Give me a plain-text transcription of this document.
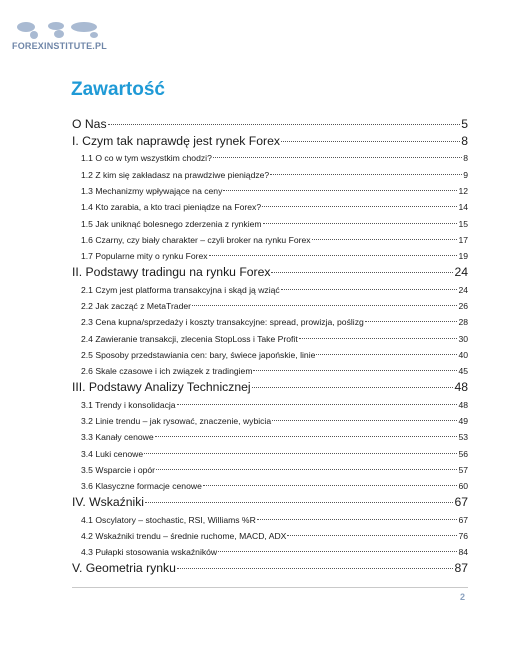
FOREXINSTITUTE.PL
Zawartość
O Nas	5
I. Czym tak naprawdę jest rynek Forex	8
1.1 O co w tym wszystkim chodzi?	8
1.2 Z kim się zakładasz na prawdziwe pieniądze?	9
1.3 Mechanizmy wpływające na ceny	12
1.4 Kto zarabia, a kto traci pieniądze na Forex?	14
1.5 Jak uniknąć bolesnego zderzenia z rynkiem	15
1.6 Czarny, czy biały charakter – czyli broker na rynku Forex	17
1.7 Popularne mity o rynku Forex	19
II. Podstawy tradingu na rynku Forex	24
2.1 Czym jest platforma transakcyjna i skąd ją wziąć	24
2.2 Jak zacząć z MetaTrader	26
2.3 Cena kupna/sprzedaży i koszty transakcyjne: spread, prowizja, poślizg	28
2.4 Zawieranie transakcji, zlecenia StopLoss i Take Profit	30
2.5 Sposoby przedstawiania cen: bary, świece japońskie, linie	40
2.6 Skale czasowe i ich związek z tradingiem	45
III. Podstawy Analizy Technicznej	48
3.1 Trendy i konsolidacja	48
3.2 Linie trendu – jak rysować, znaczenie, wybicia	49
3.3 Kanały cenowe	53
3.4 Luki cenowe	56
3.5 Wsparcie i opór	57
3.6 Klasyczne formacje cenowe	60
IV. Wskaźniki	67
4.1 Oscylatory – stochastic, RSI, Williams %R	67
4.2 Wskaźniki trendu – średnie ruchome, MACD, ADX	76
4.3 Pułapki stosowania wskaźników	84
V. Geometria rynku	87
2
